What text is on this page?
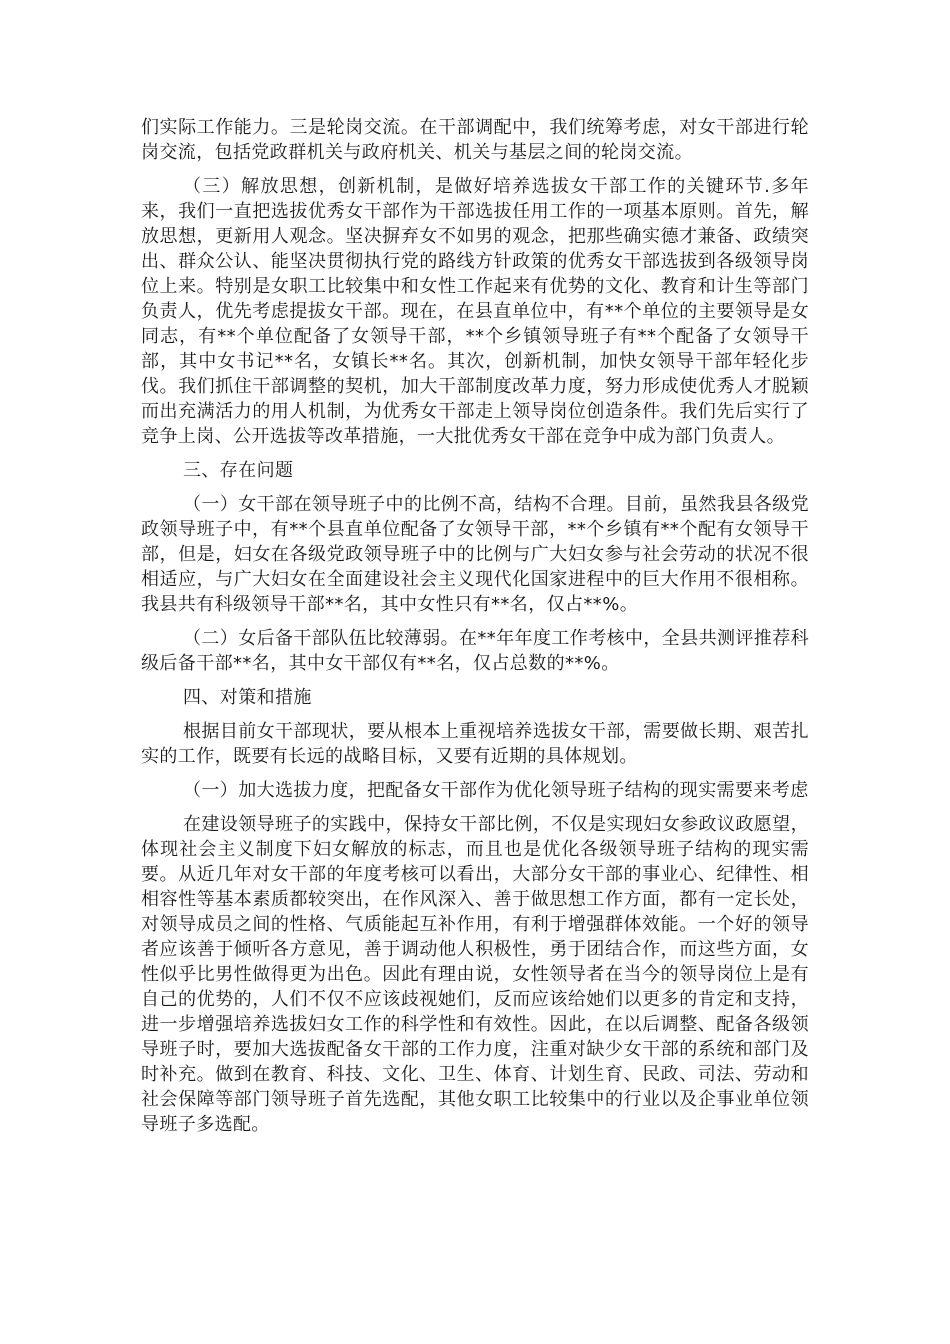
们实际工作能力。三是轮岗交流。在干部调配中，我们统筹考虑，对女干部进行轮岗交流，包括党政群机关与政府机关、机关与基层之间的轮岗交流。

（三）解放思想，创新机制，是做好培养选拔女干部工作的关键环节.多年来，我们一直把选拔优秀女干部作为干部选拔任用工作的一项基本原则。首先，解放思想，更新用人观念。坚决摒弃女不如男的观念，把那些确实德才兼备、政绩突出、群众公认、能坚决贯彻执行党的路线方针政策的优秀女干部选拔到各级领导岗位上来。特别是女职工比较集中和女性工作起来有优势的文化、教育和计生等部门负责人，优先考虑提拔女干部。现在，在县直单位中，有**个单位的主要领导是女同志，有**个单位配备了女领导干部，**个乡镇领导班子有**个配备了女领导干部，其中女书记**名，女镇长**名。其次，创新机制，加快女领导干部年轻化步伐。我们抓住干部调整的契机，加大干部制度改革力度，努力形成使优秀人才脱颖而出充满活力的用人机制，为优秀女干部走上领导岗位创造条件。我们先后实行了竞争上岗、公开选拔等改革措施，一大批优秀女干部在竞争中成为部门负责人。

三、存在问题

（一）女干部在领导班子中的比例不高，结构不合理。目前，虽然我县各级党政领导班子中，有**个县直单位配备了女领导干部，**个乡镇有**个配有女领导干部，但是，妇女在各级党政领导班子中的比例与广大妇女参与社会劳动的状况不很相适应，与广大妇女在全面建设社会主义现代化国家进程中的巨大作用不很相称。我县共有科级领导干部**名，其中女性只有**名，仅占**%。

（二）女后备干部队伍比较薄弱。在**年年度工作考核中，全县共测评推荐科级后备干部**名，其中女干部仅有**名，仅占总数的**%。

四、对策和措施

根据目前女干部现状，要从根本上重视培养选拔女干部，需要做长期、艰苦扎实的工作，既要有长远的战略目标，又要有近期的具体规划。

（一）加大选拔力度，把配备女干部作为优化领导班子结构的现实需要来考虑

在建设领导班子的实践中，保持女干部比例，不仅是实现妇女参政议政愿望，体现社会主义制度下妇女解放的标志，而且也是优化各级领导班子结构的现实需要。从近几年对女干部的年度考核可以看出，大部分女干部的事业心、纪律性、相相容性等基本素质都较突出，在作风深入、善于做思想工作方面，都有一定长处，对领导成员之间的性格、气质能起互补作用，有利于增强群体效能。一个好的领导者应该善于倾听各方意见，善于调动他人积极性，勇于团结合作，而这些方面，女性似乎比男性做得更为出色。因此有理由说，女性领导者在当今的领导岗位上是有自己的优势的，人们不仅不应该歧视她们，反而应该给她们以更多的肯定和支持，进一步增强培养选拔妇女工作的科学性和有效性。因此，在以后调整、配备各级领导班子时，要加大选拔配备女干部的工作力度，注重对缺少女干部的系统和部门及时补充。做到在教育、科技、文化、卫生、体育、计划生育、民政、司法、劳动和社会保障等部门领导班子首先选配，其他女职工比较集中的行业以及企事业单位领导班子多选配。
